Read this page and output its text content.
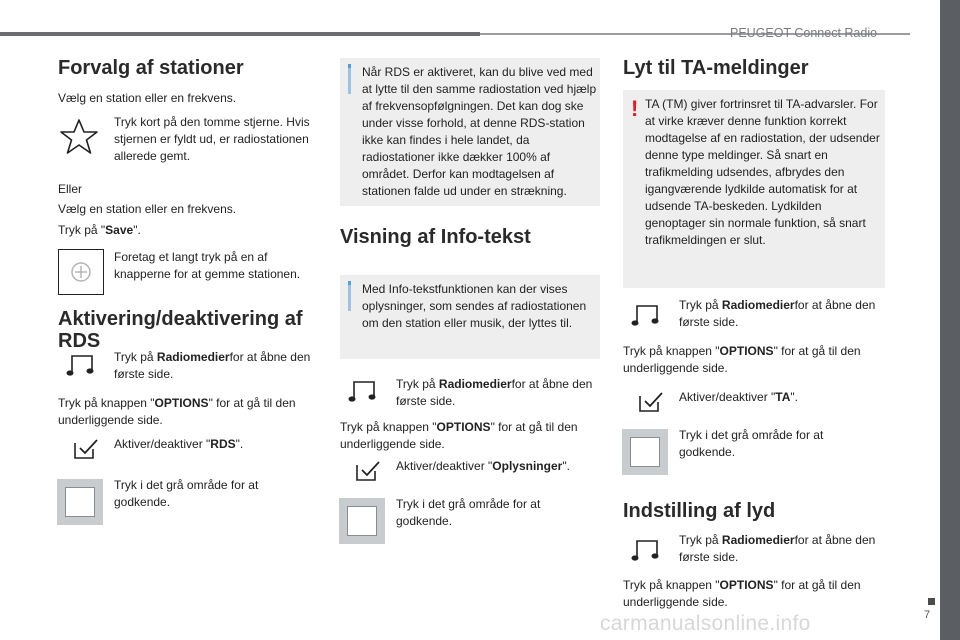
PEUGEOT Connect Radio
7
carmanualsonline.info
Forvalg af stationer

Vælg en station eller en frekvens.

Tryk kort på den tomme stjerne. Hvis stjernen er fyldt ud, er radiostationen allerede gemt.

Eller

Vælg en station eller en frekvens.

Tryk på "Save".

Foretag et langt tryk på en af knapperne for at gemme stationen.
Aktivering/deaktivering af RDS
Tryk på Radiomedierfor at åbne den første side.

Tryk på knappen "OPTIONS" for at gå til den underliggende side.

Aktiver/deaktiver "RDS".
Tryk i det grå område for at godkende.
Når RDS er aktiveret, kan du blive ved med at lytte til den samme radiostation ved hjælp af frekvensopfølgningen. Det kan dog ske under visse forhold, at denne RDS-station ikke kan findes i hele landet, da radiostationer ikke dækker 100% af området. Derfor kan modtagelsen af stationen falde ud under en strækning.
Visning af Info-tekst
Med Info-tekstfunktionen kan der vises oplysninger, som sendes af radiostationen om den station eller musik, der lyttes til.
Tryk på Radiomedierfor at åbne den første side.

Tryk på knappen "OPTIONS" for at gå til den underliggende side.

Aktiver/deaktiver "Oplysninger".
Tryk i det grå område for at godkende.
Lyt til TA-meldinger
! TA (TM) giver fortrinsret til TA-advarsler. For at virke kræver denne funktion korrekt modtagelse af en radiostation, der udsender denne type meldinger. Så snart en trafikmelding udsendes, afbrydes den igangværende lydkilde automatisk for at udsende TA-beskeden. Lydkilden genoptager sin normale funktion, så snart trafikmeldingen er slut.
Tryk på Radiomedierfor at åbne den første side.

Tryk på knappen "OPTIONS" for at gå til den underliggende side.

Aktiver/deaktiver "TA".
Tryk i det grå område for at godkende.
Indstilling af lyd
Tryk på Radiomedierfor at åbne den første side.

Tryk på knappen "OPTIONS" for at gå til den underliggende side.
